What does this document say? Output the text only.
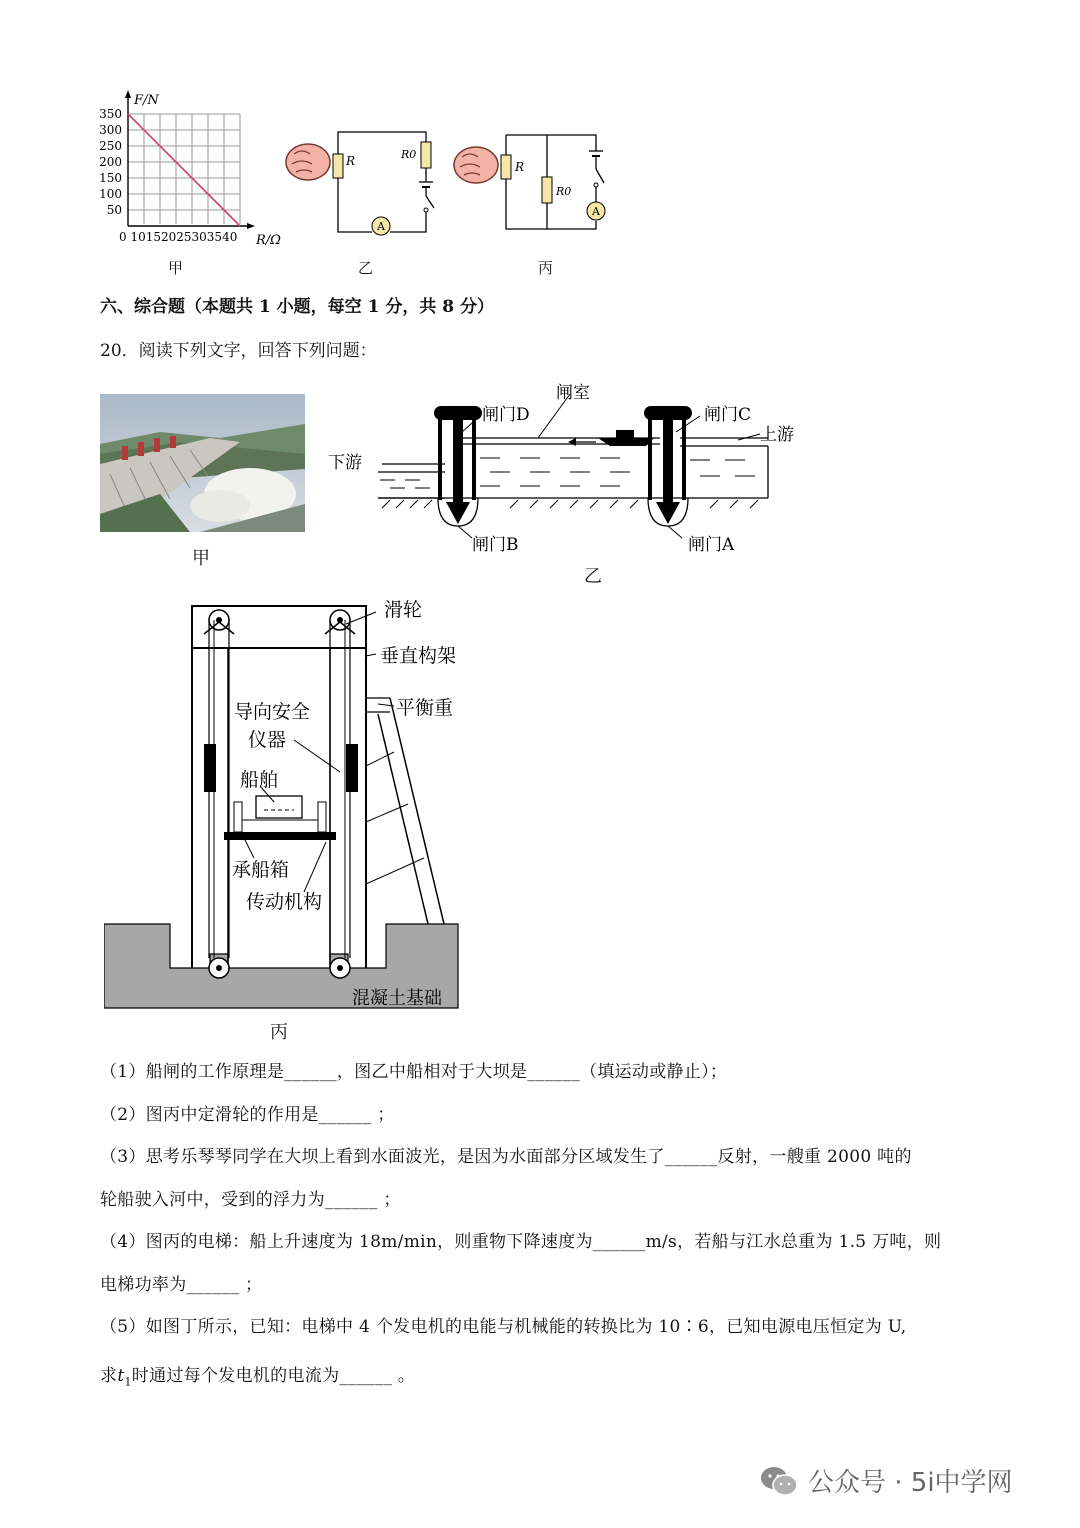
F/N
R/Ω
350
300
250
200
150
100
50
0 10152025303540
甲
A
R	R0
乙
A
R
R0
丙
六、综合题（本题共 1 小题，每空 1 分，共 8 分）
20．阅读下列文字，回答下列问题：
甲
闸室
闸门D	闸门C
上游
下游
闸门B	闸门A
乙
滑轮
垂直构架
平衡重
导向安全
仪器
船舶
承船箱
传动机构
混凝土基础
丙
（1）船闸的工作原理是______，图乙中船相对于大坝是______（填运动或静止）；
（2）图丙中定滑轮的作用是______ ；
（3）思考乐琴琴同学在大坝上看到水面波光，是因为水面部分区域发生了______反射，一艘重 2000 吨的
轮船驶入河中，受到的浮力为______ ；
（4）图丙的电梯：船上升速度为 18m/min，则重物下降速度为______m/s，若船与江水总重为 1.5 万吨，则
电梯功率为______ ；
（5）如图丁所示，已知：电梯中 4 个发电机的电能与机械能的转换比为 10∶6，已知电源电压恒定为 U,
求$t_1$时通过每个发电机的电流为______ 。
公众号 · 5i中学网
